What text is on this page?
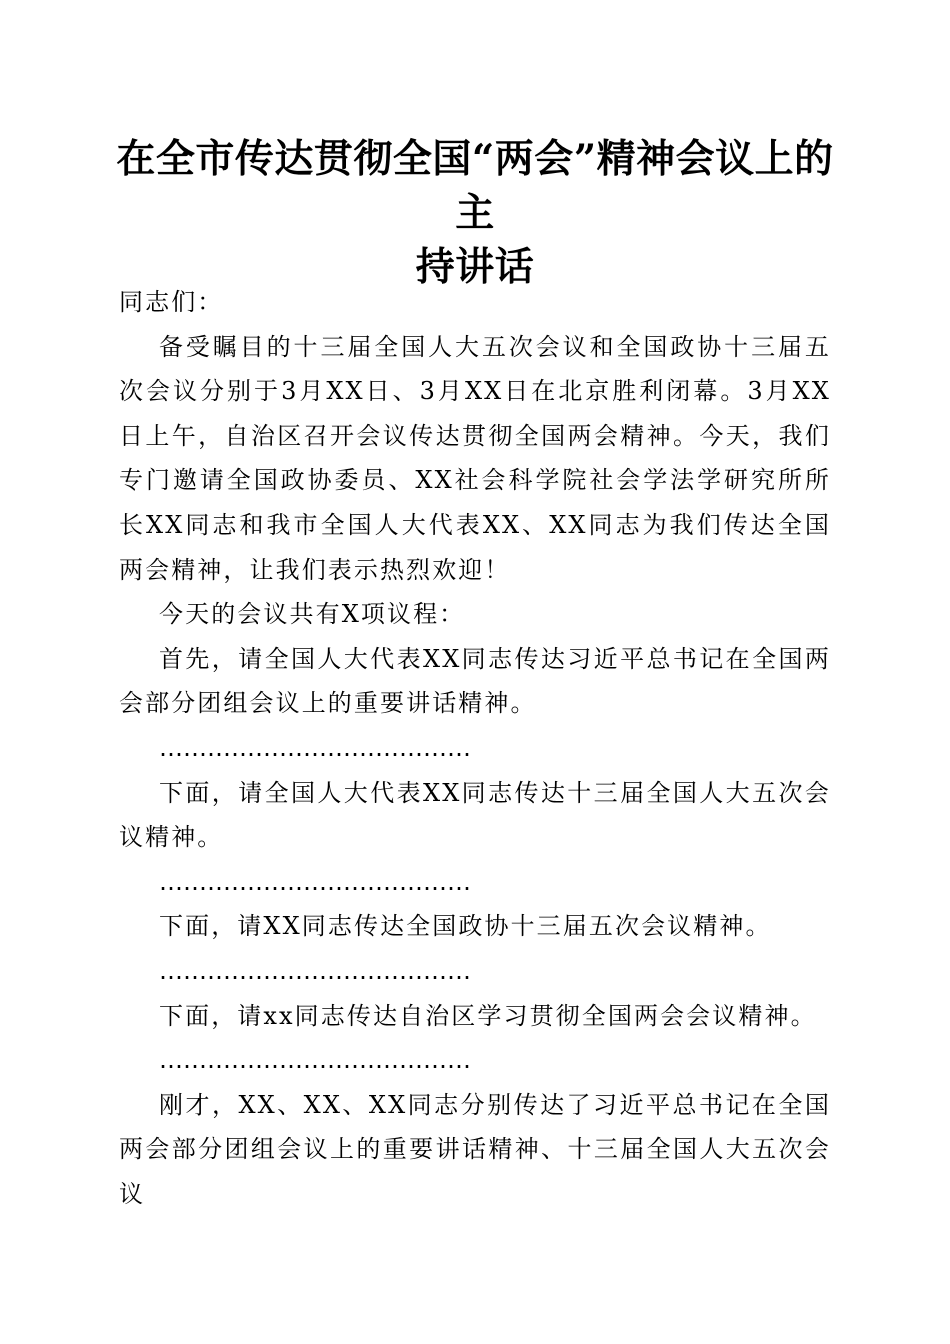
在全市传达贯彻全国“两会”精神会议上的主
持讲话

同志们：

备受瞩目的十三届全国人大五次会议和全国政协十三届五次会议分别于3月XX日、3月XX日在北京胜利闭幕。3月XX日上午，自治区召开会议传达贯彻全国两会精神。今天，我们专门邀请全国政协委员、XX社会科学院社会学法学研究所所长XX同志和我市全国人大代表XX、XX同志为我们传达全国两会精神，让我们表示热烈欢迎！

今天的会议共有X项议程：

首先，请全国人大代表XX同志传达习近平总书记在全国两会部分团组会议上的重要讲话精神。

…………………………………

下面，请全国人大代表XX同志传达十三届全国人大五次会议精神。

…………………………………

下面，请XX同志传达全国政协十三届五次会议精神。

…………………………………

下面，请xx同志传达自治区学习贯彻全国两会会议精神。

…………………………………

刚才，XX、XX、XX同志分别传达了习近平总书记在全国两会部分团组会议上的重要讲话精神、十三届全国人大五次会议
